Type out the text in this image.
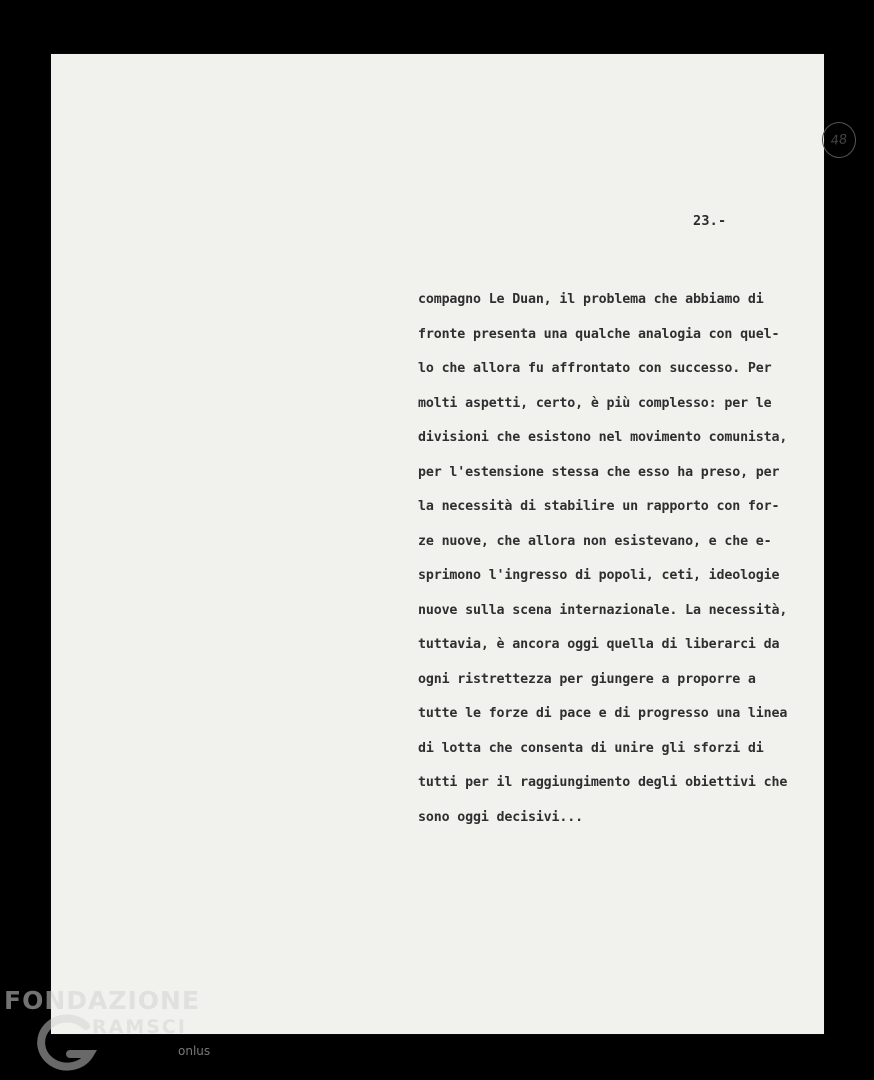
48
23.-
compagno Le Duan, il problema che abbiamo di
fronte presenta una qualche analogia con quel-
lo che allora fu affrontato con successo. Per
molti aspetti, certo, è più complesso: per le
divisioni che esistono nel movimento comunista,
per l'estensione stessa che esso ha preso, per
la necessità di stabilire un rapporto con for-
ze nuove, che allora non esistevano, e che e-
sprimono l'ingresso di popoli, ceti, ideologie
nuove sulla scena internazionale. La necessità,
tuttavia, è ancora oggi quella di liberarci da
ogni ristrettezza per giungere a proporre a
tutte le forze di pace e di progresso una linea
di lotta che consenta di unire gli sforzi di
tutti per il raggiungimento degli obiettivi che
sono oggi decisivi...
FONDAZIONE
RAMSCI
onlus
